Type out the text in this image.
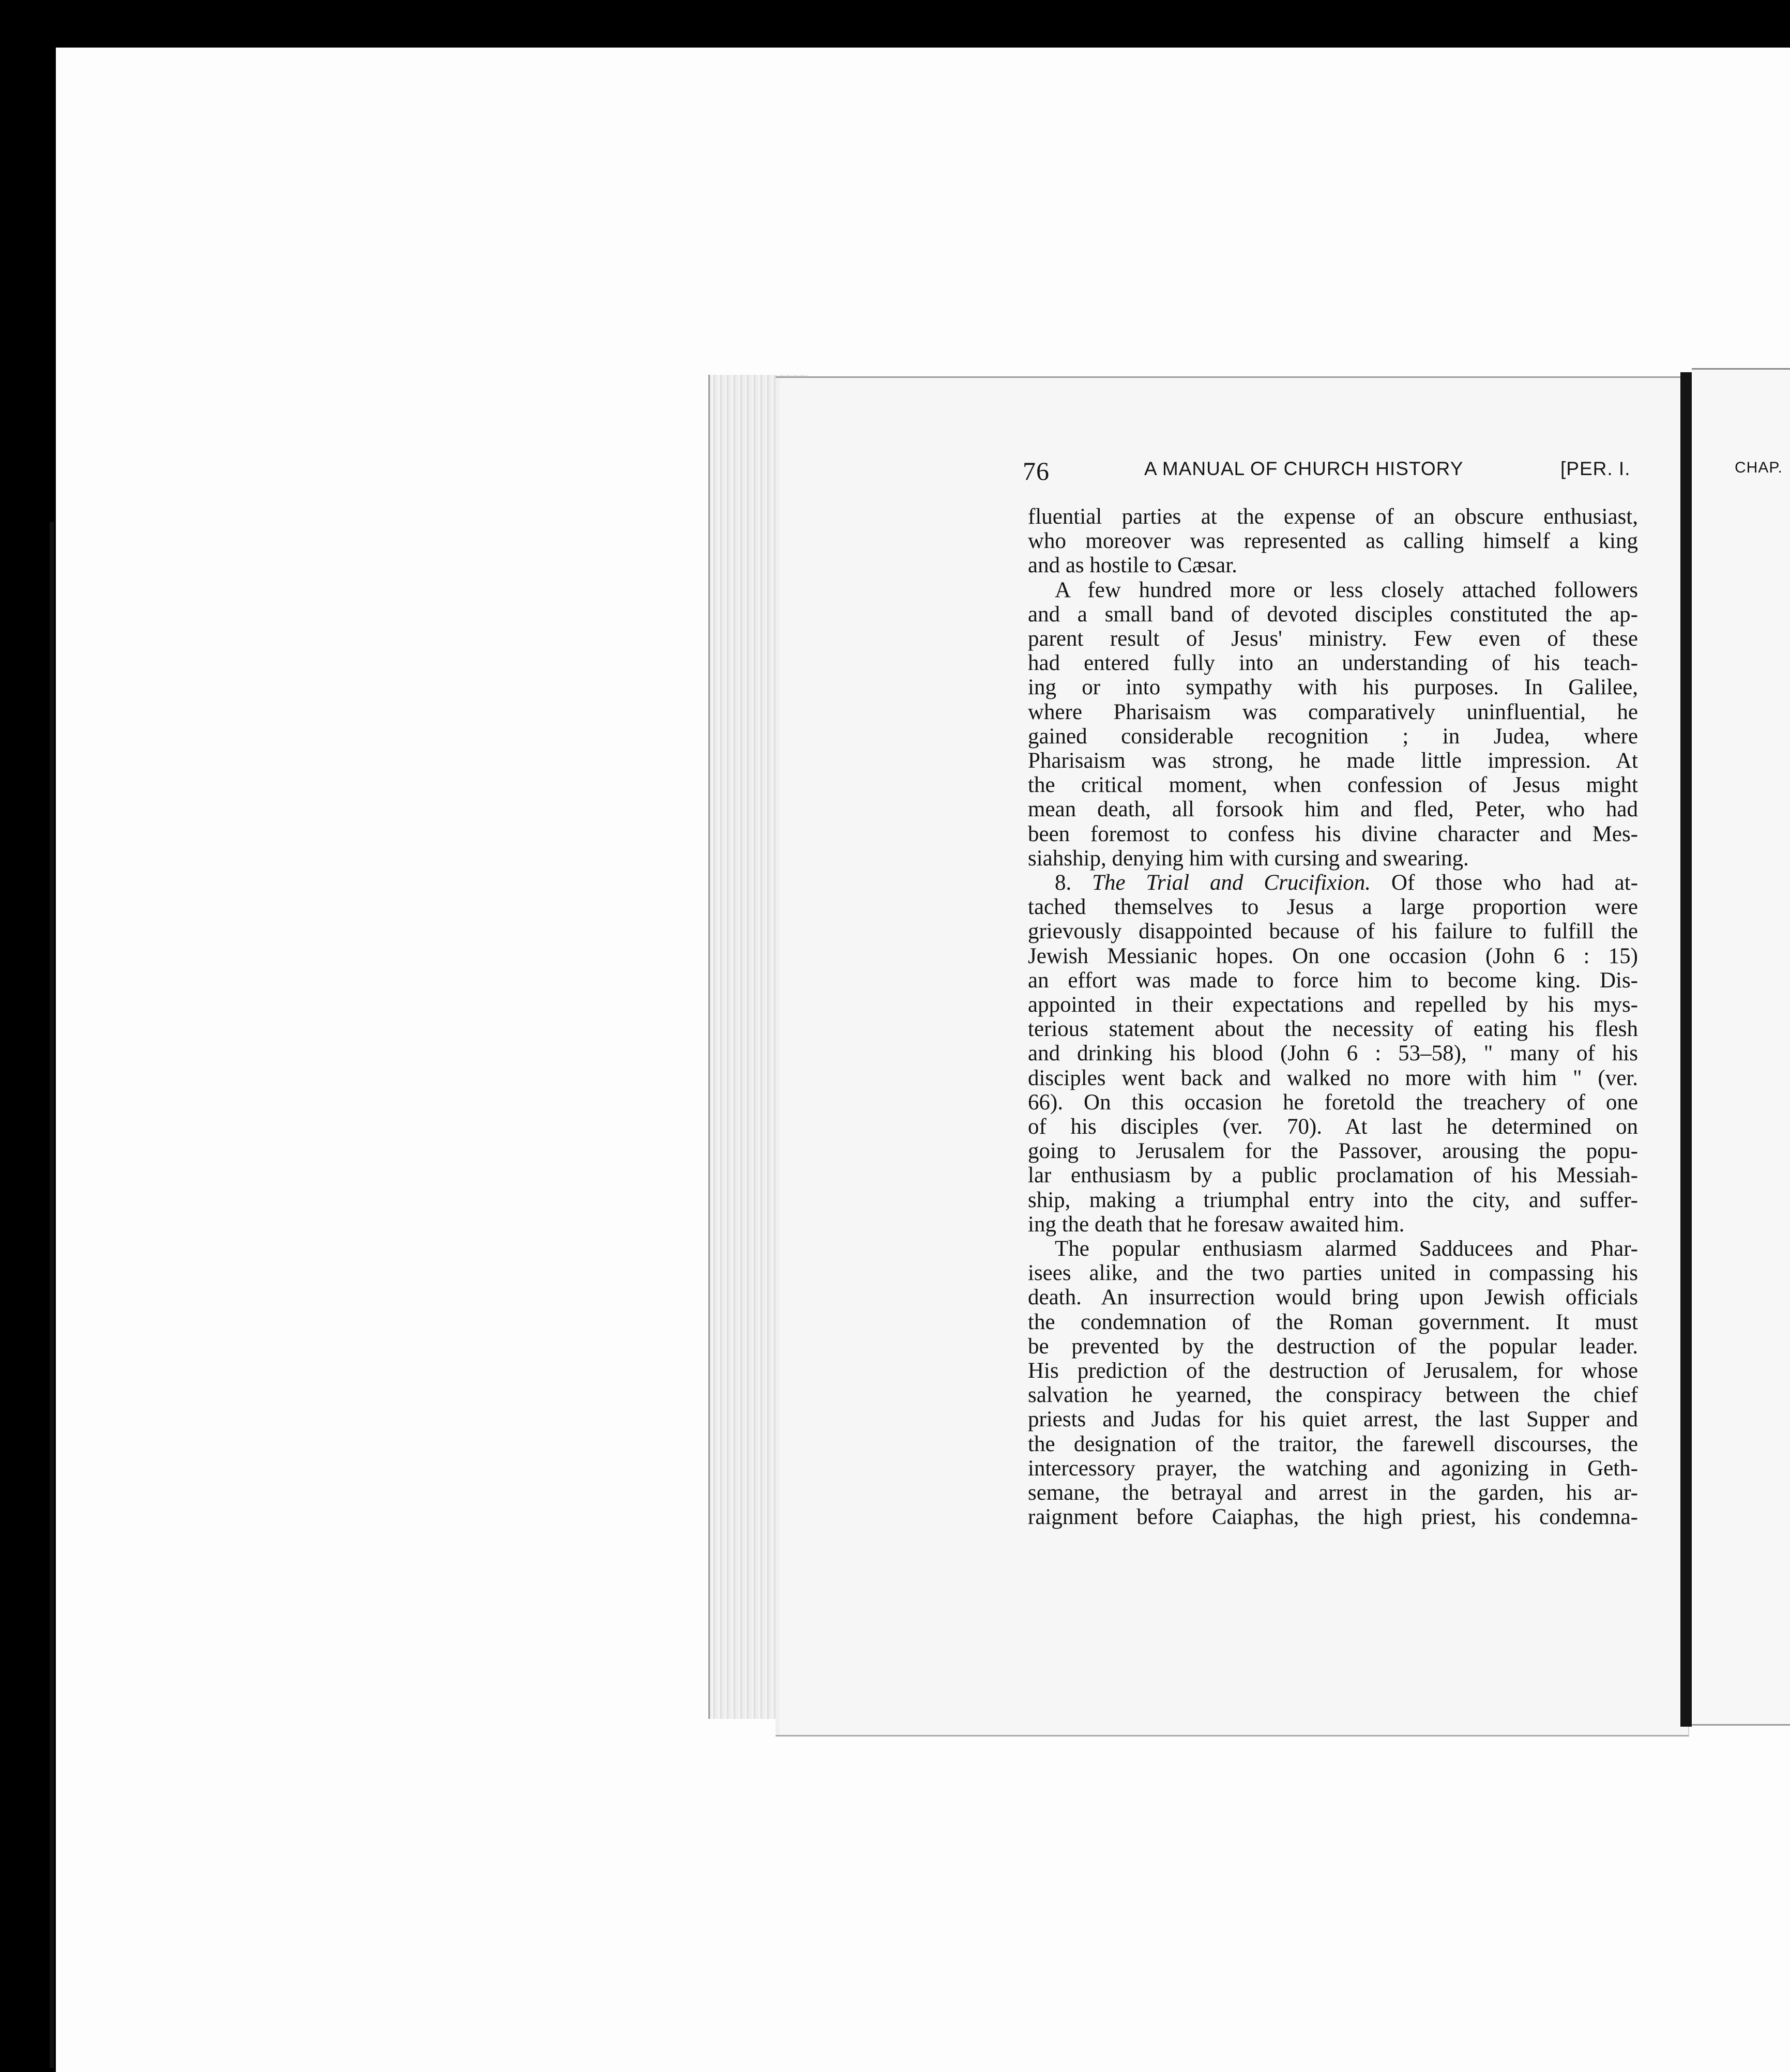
76	A MANUAL OF CHURCH HISTORY	[PER. I.
fluential parties at the expense of an obscure enthusiast,
who moreover was represented as calling himself a king
and as hostile to Cæsar.
A few hundred more or less closely attached followers
and a small band of devoted disciples constituted the ap-
parent result of Jesus' ministry. Few even of these
had entered fully into an understanding of his teach-
ing or into sympathy with his purposes. In Galilee,
where Pharisaism was comparatively uninfluential, he
gained considerable recognition ; in Judea, where
Pharisaism was strong, he made little impression. At
the critical moment, when confession of Jesus might
mean death, all forsook him and fled, Peter, who had
been foremost to confess his divine character and Mes-
siahship, denying him with cursing and swearing.
8. The Trial and Crucifixion. Of those who had at-
tached themselves to Jesus a large proportion were
grievously disappointed because of his failure to fulfill the
Jewish Messianic hopes. On one occasion (John 6 : 15)
an effort was made to force him to become king. Dis-
appointed in their expectations and repelled by his mys-
terious statement about the necessity of eating his flesh
and drinking his blood (John 6 : 53–58), " many of his
disciples went back and walked no more with him " (ver.
66). On this occasion he foretold the treachery of one
of his disciples (ver. 70). At last he determined on
going to Jerusalem for the Passover, arousing the popu-
lar enthusiasm by a public proclamation of his Messiah-
ship, making a triumphal entry into the city, and suffer-
ing the death that he foresaw awaited him.
The popular enthusiasm alarmed Sadducees and Phar-
isees alike, and the two parties united in compassing his
death. An insurrection would bring upon Jewish officials
the condemnation of the Roman government. It must
be prevented by the destruction of the popular leader.
His prediction of the destruction of Jerusalem, for whose
salvation he yearned, the conspiracy between the chief
priests and Judas for his quiet arrest, the last Supper and
the designation of the traitor, the farewell discourses, the
intercessory prayer, the watching and agonizing in Geth-
semane, the betrayal and arrest in the garden, his ar-
raignment before Caiaphas, the high priest, his condemna-
CHAP.
